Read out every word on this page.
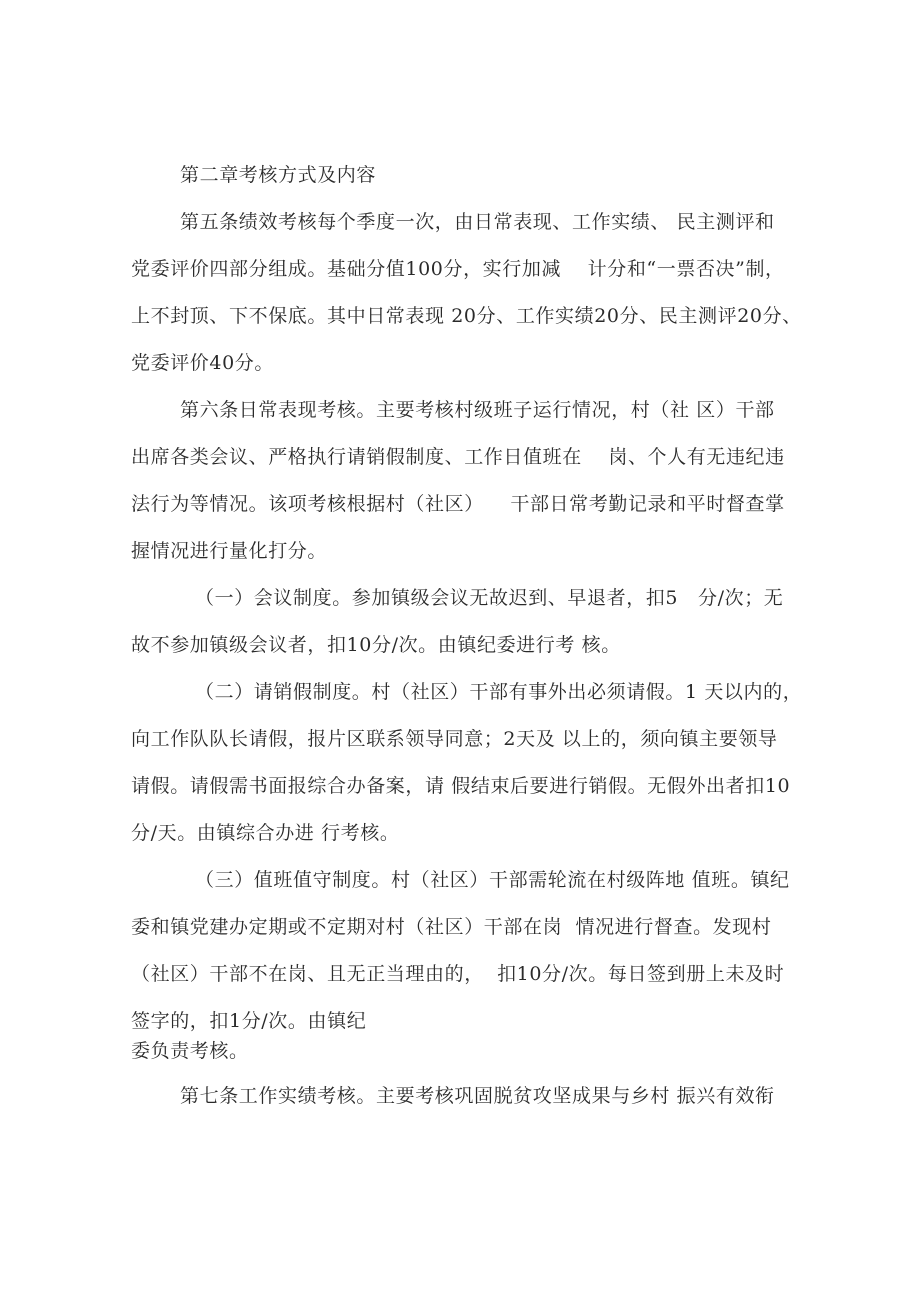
第二章考核方式及内容
第五条绩效考核每个季度一次，由日常表现、工作实绩、 民主测评和
党委评价四部分组成。基础分值100分，实行加减    计分和“一票否决”制，
上不封顶、下不保底。其中日常表现 20分、工作实绩20分、民主测评20分、
党委评价40分。
第六条日常表现考核。主要考核村级班子运行情况，村（社 区）干部
出席各类会议、严格执行请销假制度、工作日值班在    岗、个人有无违纪违
法行为等情况。该项考核根据村（社区）    干部日常考勤记录和平时督查掌
握情况进行量化打分。
（一）会议制度。参加镇级会议无故迟到、早退者，扣5   分/次；无
故不参加镇级会议者，扣10分/次。由镇纪委进行考 核。
（二）请销假制度。村（社区）干部有事外出必须请假。1 天以内的，
向工作队队长请假，报片区联系领导同意；2天及 以上的，须向镇主要领导
请假。请假需书面报综合办备案，请 假结束后要进行销假。无假外出者扣10
分/天。由镇综合办进 行考核。
（三）值班值守制度。村（社区）干部需轮流在村级阵地 值班。镇纪
委和镇党建办定期或不定期对村（社区）干部在岗  情况进行督查。发现村
（社区）干部不在岗、且无正当理由的，  扣10分/次。每日签到册上未及时
签字的，扣1分/次。由镇纪
委负责考核。
第七条工作实绩考核。主要考核巩固脱贫攻坚成果与乡村 振兴有效衔
